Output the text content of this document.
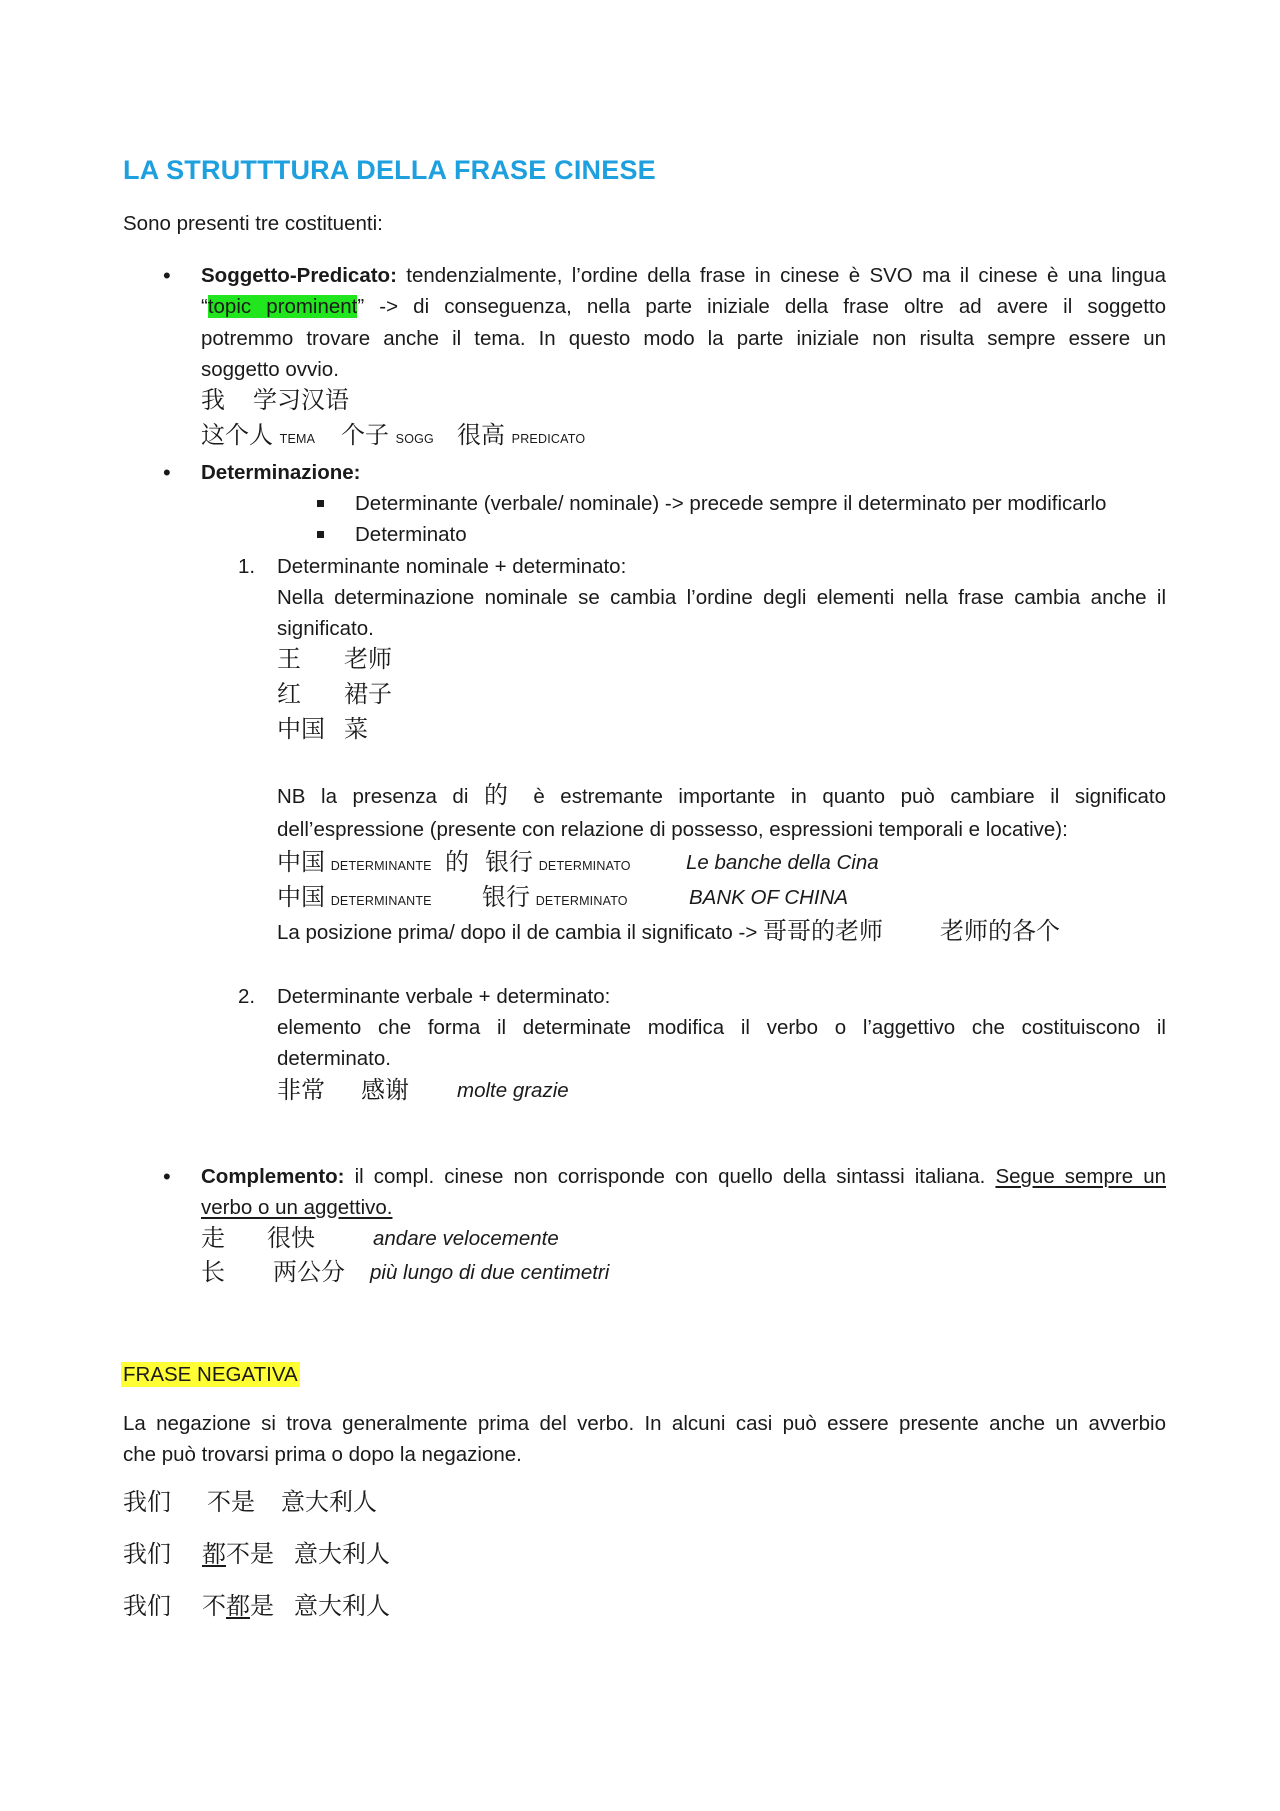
LA STRUTTTURA DELLA FRASE CINESE
Sono presenti tre costituenti:
• Soggetto-Predicato: tendenzialmente, l’ordine della frase in cinese è SVO ma il cinese è una lingua
“topic prominent” -> di conseguenza, nella parte iniziale della frase oltre ad avere il soggetto
potremmo trovare anche il tema. In questo modo la parte iniziale non risulta sempre essere un
soggetto ovvio.
我 学习汉语
这个人 TEMA 个子 SOGG 很高 PREDICATO
• Determinazione:
Determinante (verbale/ nominale) -> precede sempre il determinato per modificarlo
Determinato
1. Determinante nominale + determinato:
Nella determinazione nominale se cambia l’ordine degli elementi nella frase cambia anche il
significato.
王 老师
红 裙子
中国 菜
NB la presenza di 的 è estremante importante in quanto può cambiare il significato
dell’espressione (presente con relazione di possesso, espressioni temporali e locative):
中国 DETERMINANTE 的 银行 DETERMINATO	Le banche della Cina
中国 DETERMINANTE 银行 DETERMINATO	BANK OF CHINA
La posizione prima/ dopo il de cambia il significato -> 哥哥的老师 老师的各个
2. Determinante verbale + determinato:
elemento che forma il determinate modifica il verbo o l’aggettivo che costituiscono il
determinato.
非常 感谢 molte grazie
• Complemento: il compl. cinese non corrisponde con quello della sintassi italiana. Segue sempre un
verbo o un aggettivo.
走 很快	andare velocemente
长 两公分 più lungo di due centimetri
FRASE NEGATIVA
La negazione si trova generalmente prima del verbo. In alcuni casi può essere presente anche un avverbio
che può trovarsi prima o dopo la negazione.
我们 不是 意大利人
我们 都不是 意大利人
我们 不都是 意大利人
